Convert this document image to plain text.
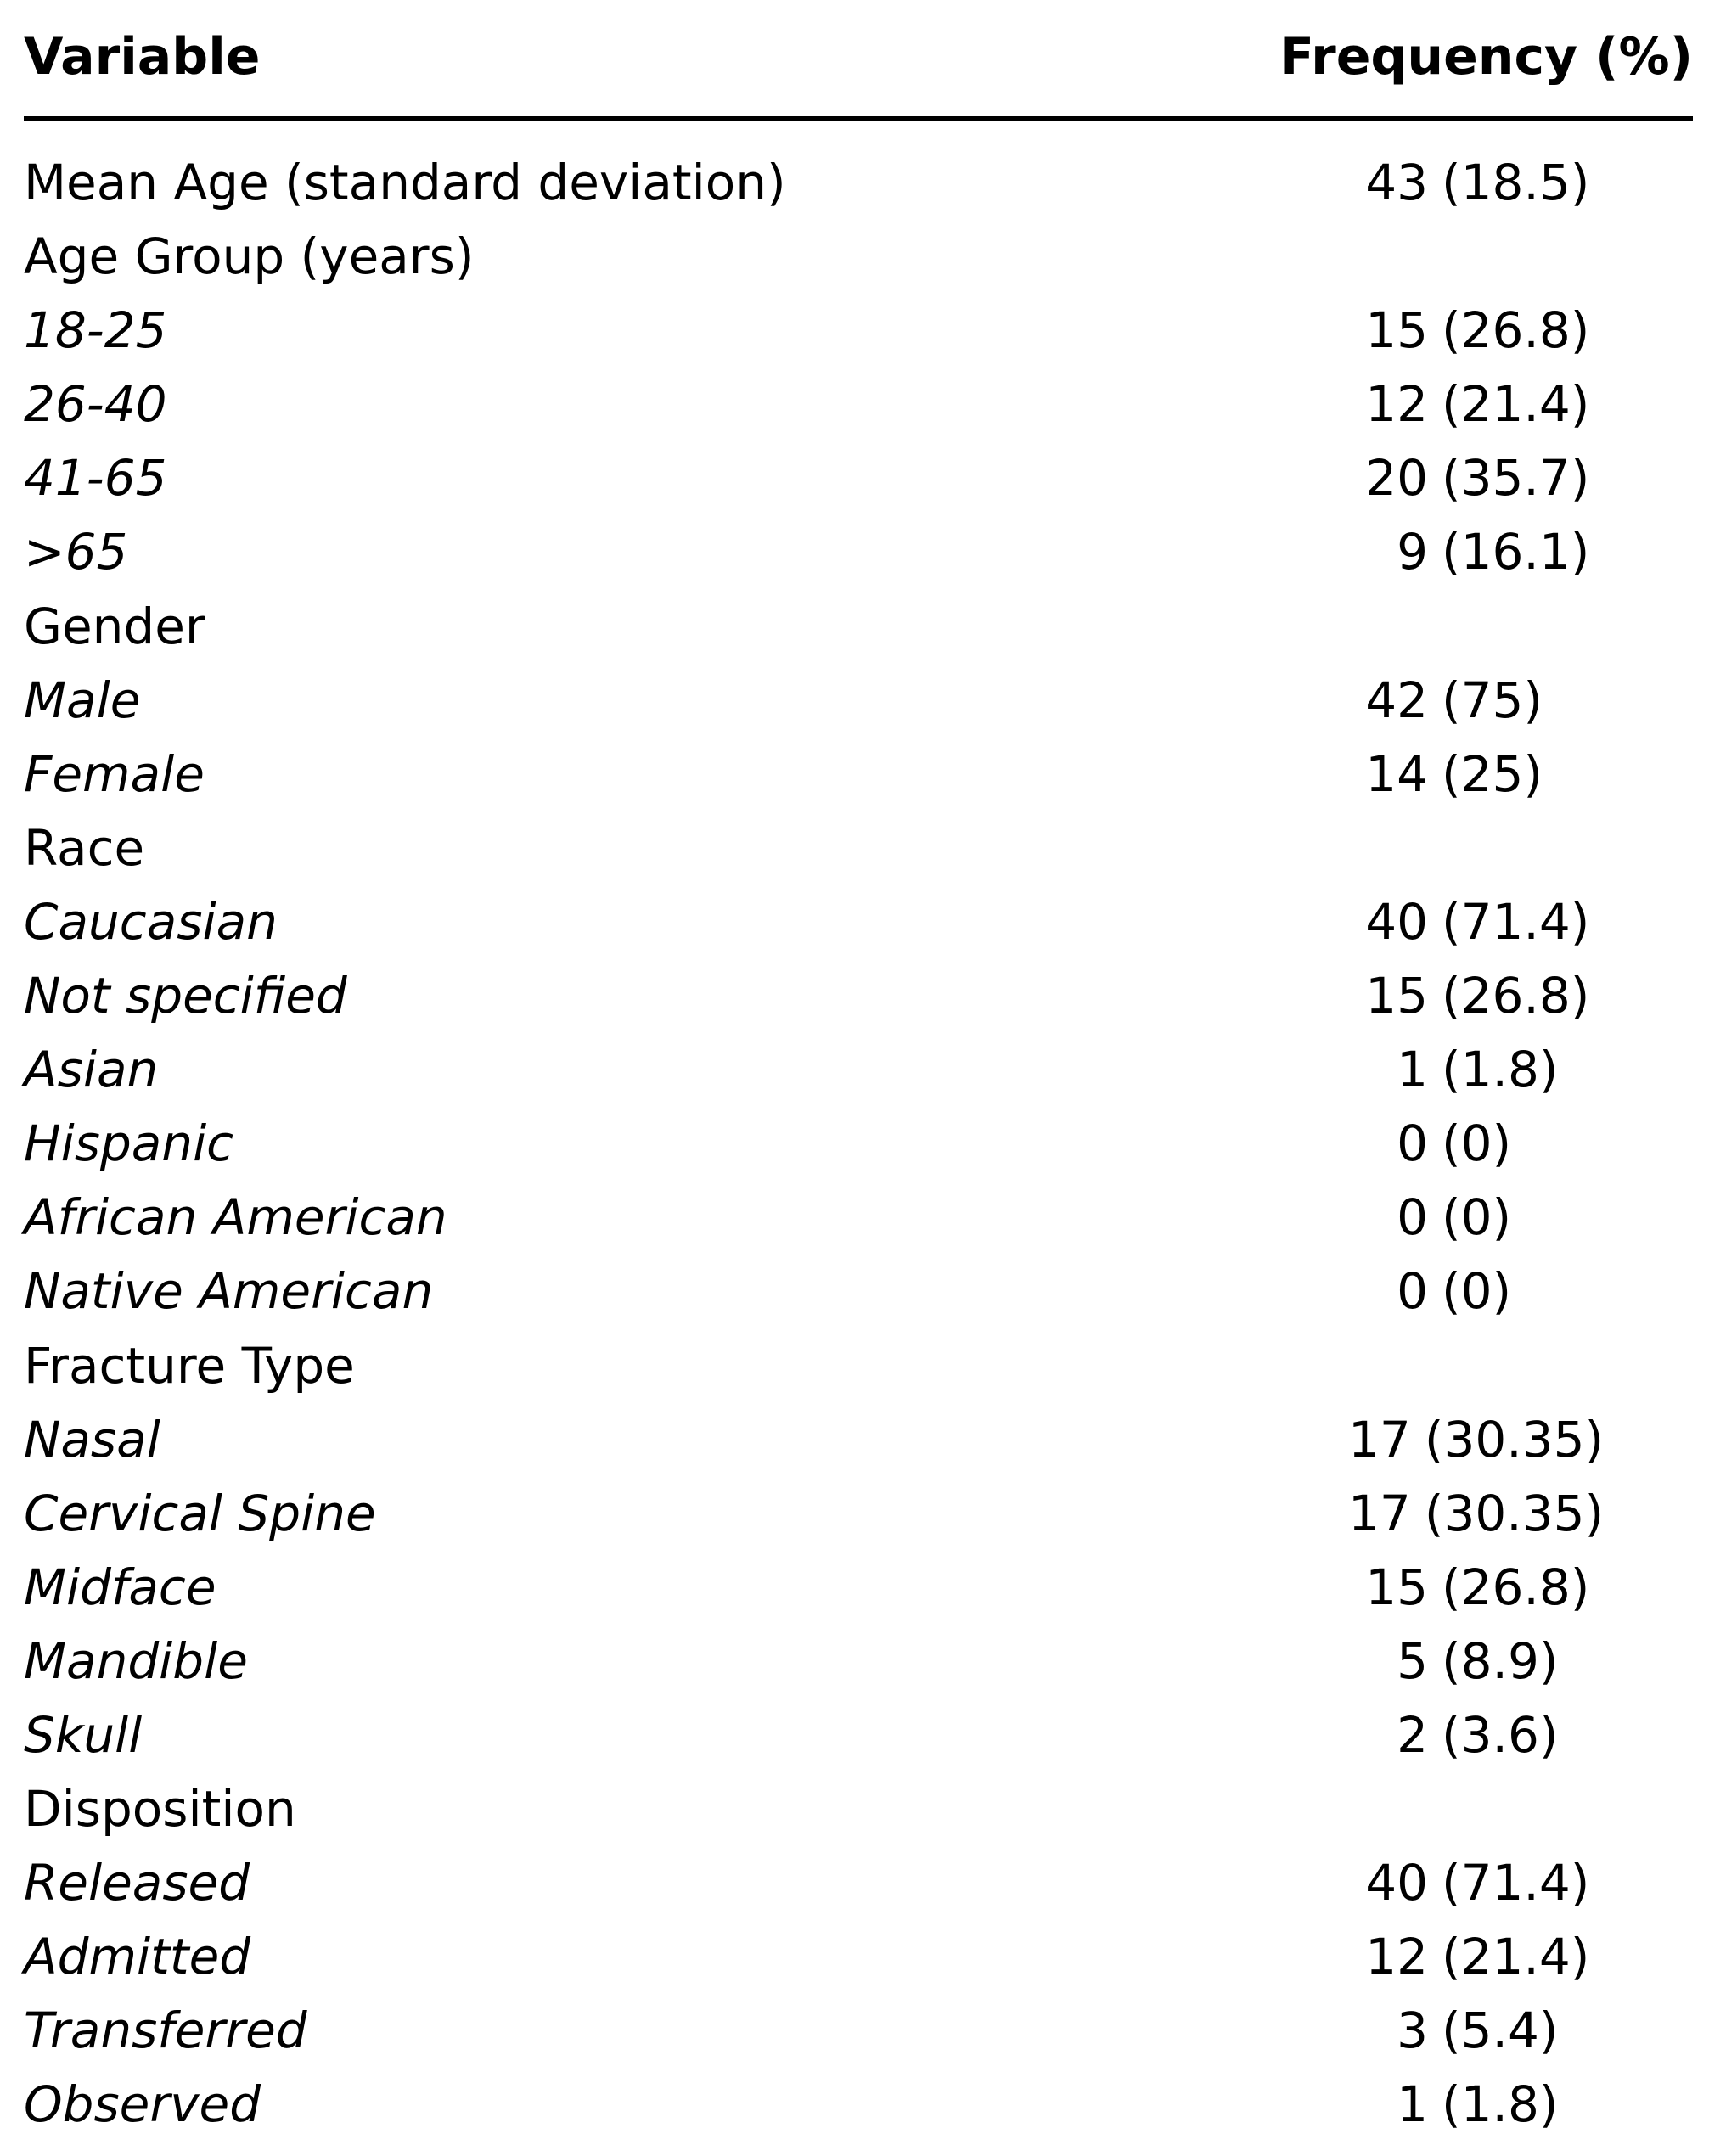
Variable	Frequency (%)
Mean Age (standard deviation)	43 (18.5)
Age Group (years)
18-25	15 (26.8)
26-40	12 (21.4)
41-65	20 (35.7)
>65	9 (16.1)
Gender
Male	42 (75)
Female	14 (25)
Race
Caucasian	40 (71.4)
Not specified	15 (26.8)
Asian	1 (1.8)
Hispanic	0 (0)
African American	0 (0)
Native American	0 (0)
Fracture Type
Nasal	17 (30.35)
Cervical Spine	17 (30.35)
Midface	15 (26.8)
Mandible	5 (8.9)
Skull	2 (3.6)
Disposition
Released	40 (71.4)
Admitted	12 (21.4)
Transferred	3 (5.4)
Observed	1 (1.8)
